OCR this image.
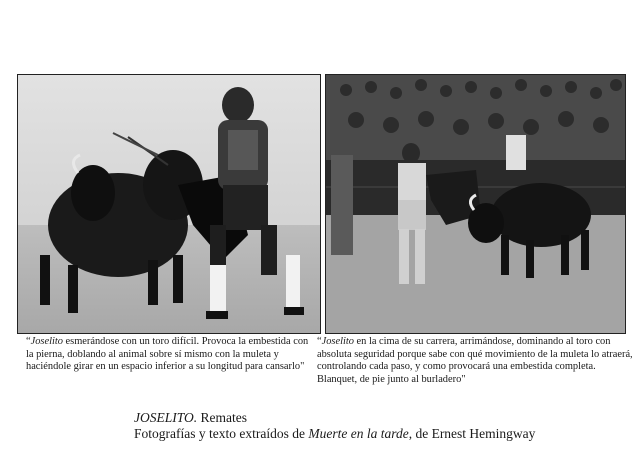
“Joselito esmerándose con un toro difícil. Provoca la embestida con la pierna, doblando al animal sobre sí mismo con la muleta y haciéndole girar en un espacio inferior a su longitud para cansarlo"
“Joselito en la cima de su carrera, arrimándose, dominando al toro con absoluta seguridad porque sabe con qué movimiento de la muleta lo atraerá, controlando cada paso, y como provocará una embestida completa.
Blanquet, de pie junto al burladero"
JOSELITO. Remates
Fotografías y texto extraídos de Muerte en la tarde, de Ernest Hemingway
